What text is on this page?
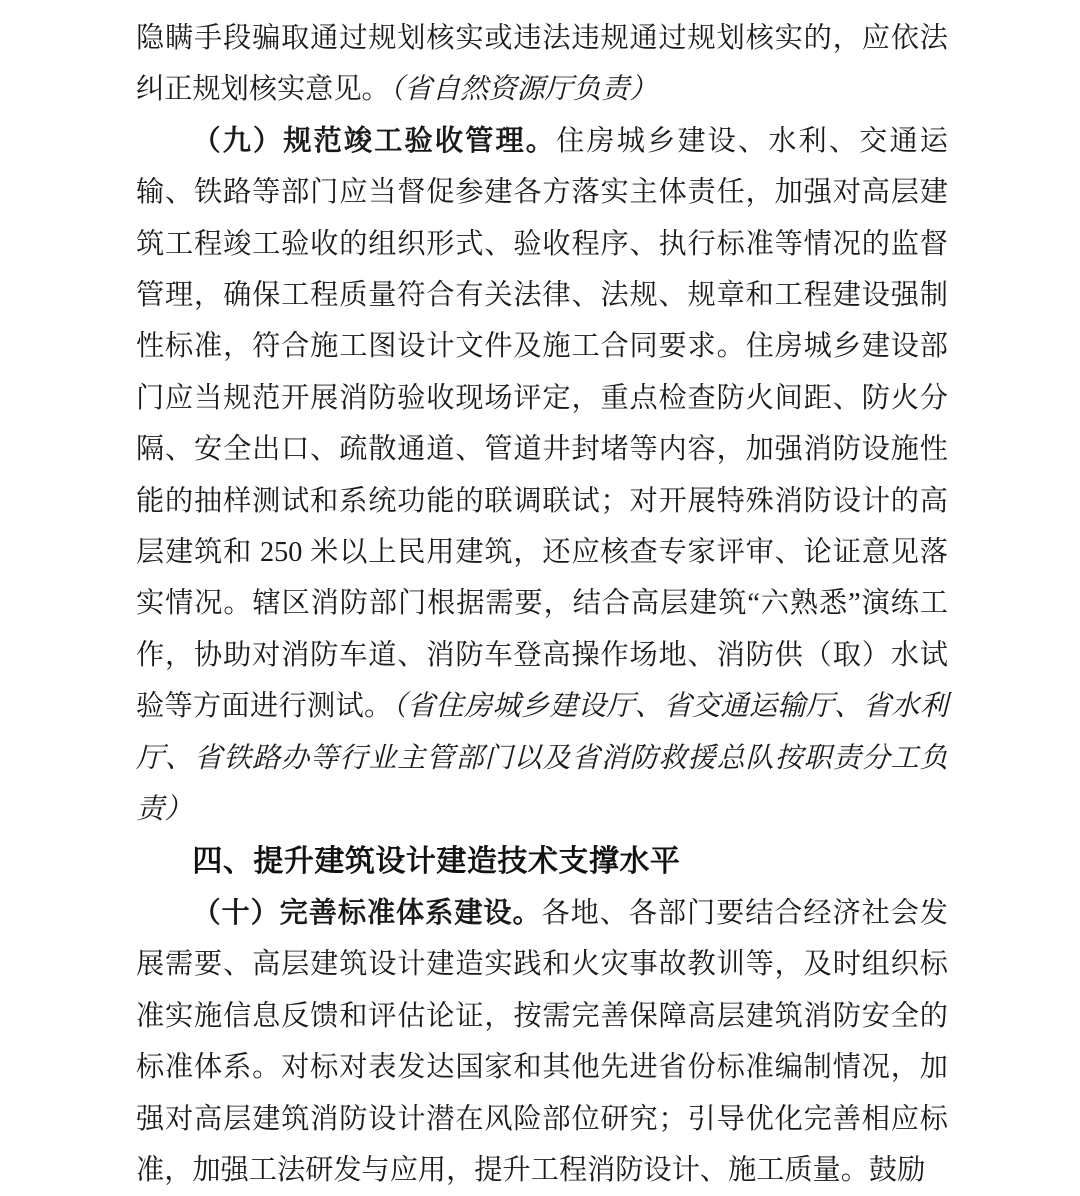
隐瞒手段骗取通过规划核实或违法违规通过规划核实的，应依法纠正规划核实意见。（省自然资源厅负责）

（九）规范竣工验收管理。住房城乡建设、水利、交通运输、铁路等部门应当督促参建各方落实主体责任，加强对高层建筑工程竣工验收的组织形式、验收程序、执行标准等情况的监督管理，确保工程质量符合有关法律、法规、规章和工程建设强制性标准，符合施工图设计文件及施工合同要求。住房城乡建设部门应当规范开展消防验收现场评定，重点检查防火间距、防火分隔、安全出口、疏散通道、管道井封堵等内容，加强消防设施性能的抽样测试和系统功能的联调联试；对开展特殊消防设计的高层建筑和 250 米以上民用建筑，还应核查专家评审、论证意见落实情况。辖区消防部门根据需要，结合高层建筑“六熟悉”演练工作，协助对消防车道、消防车登高操作场地、消防供（取）水试验等方面进行测试。（省住房城乡建设厅、省交通运输厅、省水利厅、省铁路办等行业主管部门以及省消防救援总队按职责分工负责）

四、提升建筑设计建造技术支撑水平

（十）完善标准体系建设。各地、各部门要结合经济社会发展需要、高层建筑设计建造实践和火灾事故教训等，及时组织标准实施信息反馈和评估论证，按需完善保障高层建筑消防安全的标准体系。对标对表发达国家和其他先进省份标准编制情况，加强对高层建筑消防设计潜在风险部位研究；引导优化完善相应标准，加强工法研发与应用，提升工程消防设计、施工质量。鼓励
